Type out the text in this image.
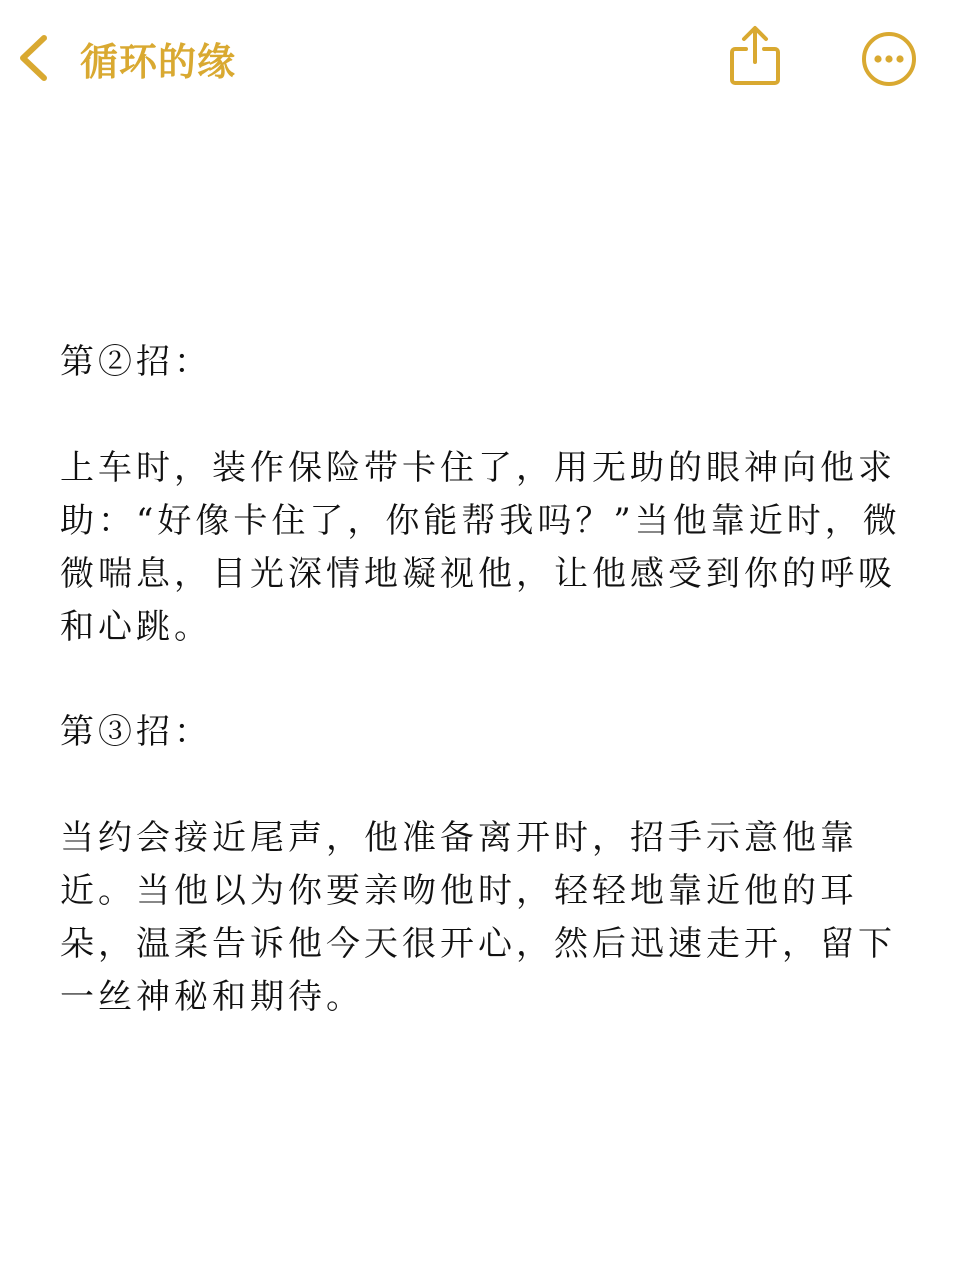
循环的缘

第②招：

上车时，装作保险带卡住了，用无助的眼神向他求助：“好像卡住了，你能帮我吗？”当他靠近时，微微喘息，目光深情地凝视他，让他感受到你的呼吸和心跳。

第③招：

当约会接近尾声，他准备离开时，招手示意他靠近。当他以为你要亲吻他时，轻轻地靠近他的耳朵，温柔告诉他今天很开心，然后迅速走开，留下一丝神秘和期待。
